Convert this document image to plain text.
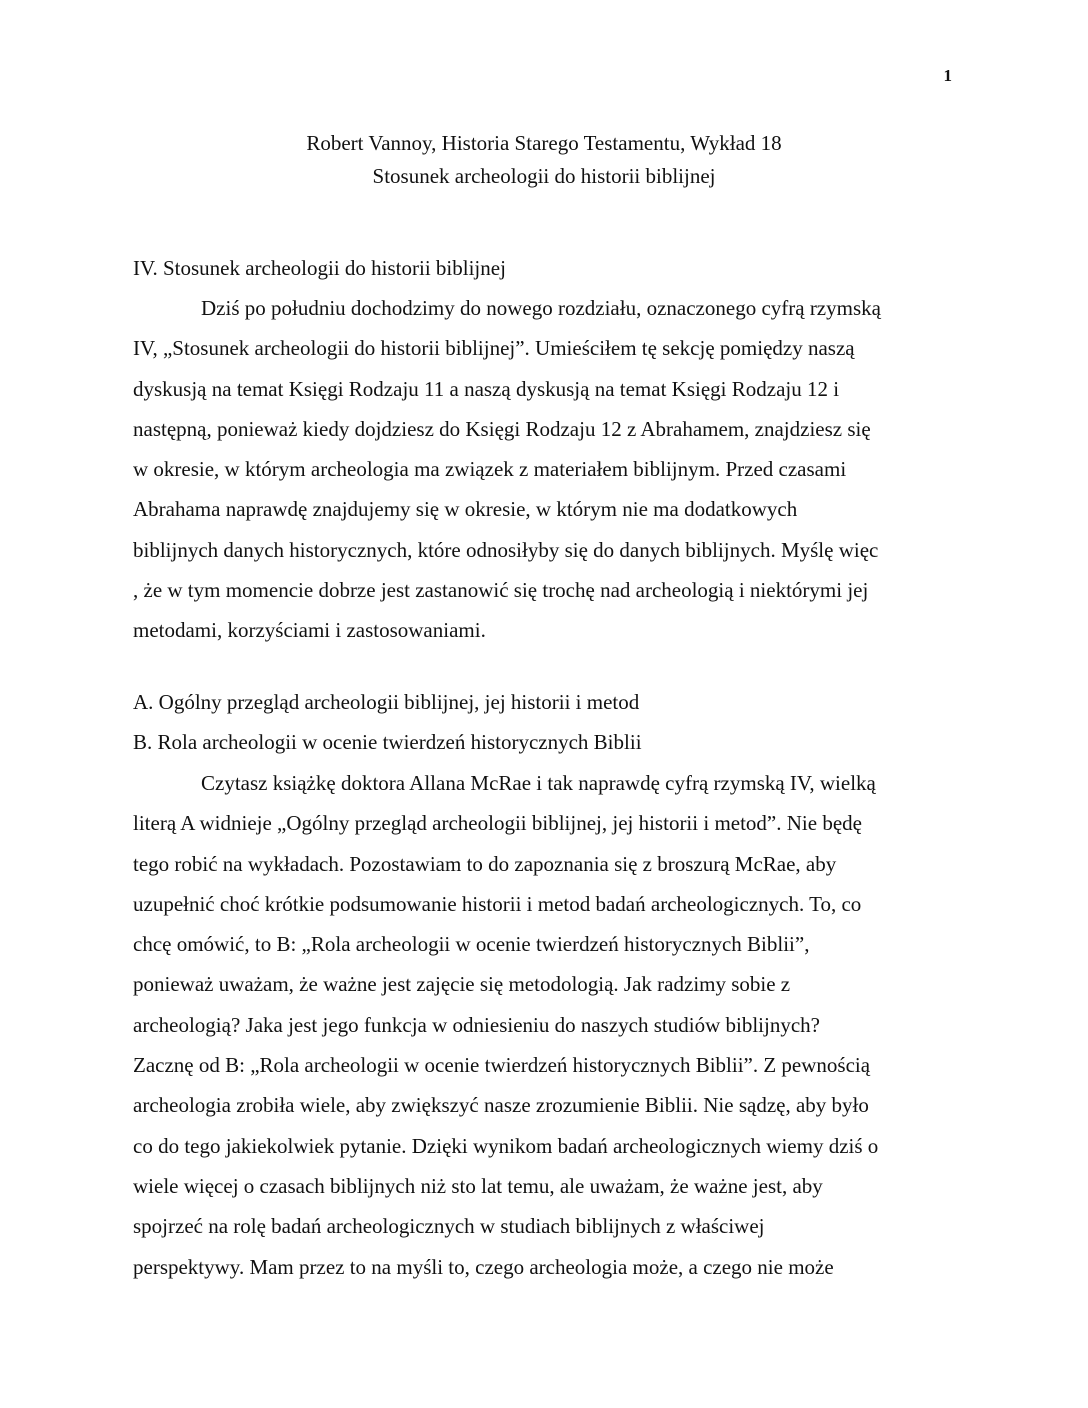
1
Robert Vannoy, Historia Starego Testamentu, Wykład 18
Stosunek archeologii do historii biblijnej
IV. Stosunek archeologii do historii biblijnej
Dziś po południu dochodzimy do nowego rozdziału, oznaczonego cyfrą rzymską
IV, „Stosunek archeologii do historii biblijnej”. Umieściłem tę sekcję pomiędzy naszą
dyskusją na temat Księgi Rodzaju 11 a naszą dyskusją na temat Księgi Rodzaju 12 i
następną, ponieważ kiedy dojdziesz do Księgi Rodzaju 12 z Abrahamem, znajdziesz się
w okresie, w którym archeologia ma związek z materiałem biblijnym. Przed czasami
Abrahama naprawdę znajdujemy się w okresie, w którym nie ma dodatkowych
biblijnych danych historycznych, które odnosiłyby się do danych biblijnych. Myślę więc
, że w tym momencie dobrze jest zastanowić się trochę nad archeologią i niektórymi jej
metodami, korzyściami i zastosowaniami.
A. Ogólny przegląd archeologii biblijnej, jej historii i metod
B. Rola archeologii w ocenie twierdzeń historycznych Biblii
Czytasz książkę doktora Allana McRae i tak naprawdę cyfrą rzymską IV, wielką
literą A widnieje „Ogólny przegląd archeologii biblijnej, jej historii i metod”. Nie będę
tego robić na wykładach. Pozostawiam to do zapoznania się z broszurą McRae, aby
uzupełnić choć krótkie podsumowanie historii i metod badań archeologicznych. To, co
chcę omówić, to B: „Rola archeologii w ocenie twierdzeń historycznych Biblii”,
ponieważ uważam, że ważne jest zajęcie się metodologią. Jak radzimy sobie z
archeologią? Jaka jest jego funkcja w odniesieniu do naszych studiów biblijnych?
Zacznę od B: „Rola archeologii w ocenie twierdzeń historycznych Biblii”. Z pewnością
archeologia zrobiła wiele, aby zwiększyć nasze zrozumienie Biblii. Nie sądzę, aby było
co do tego jakiekolwiek pytanie. Dzięki wynikom badań archeologicznych wiemy dziś o
wiele więcej o czasach biblijnych niż sto lat temu, ale uważam, że ważne jest, aby
spojrzeć na rolę badań archeologicznych w studiach biblijnych z właściwej
perspektywy. Mam przez to na myśli to, czego archeologia może, a czego nie może
